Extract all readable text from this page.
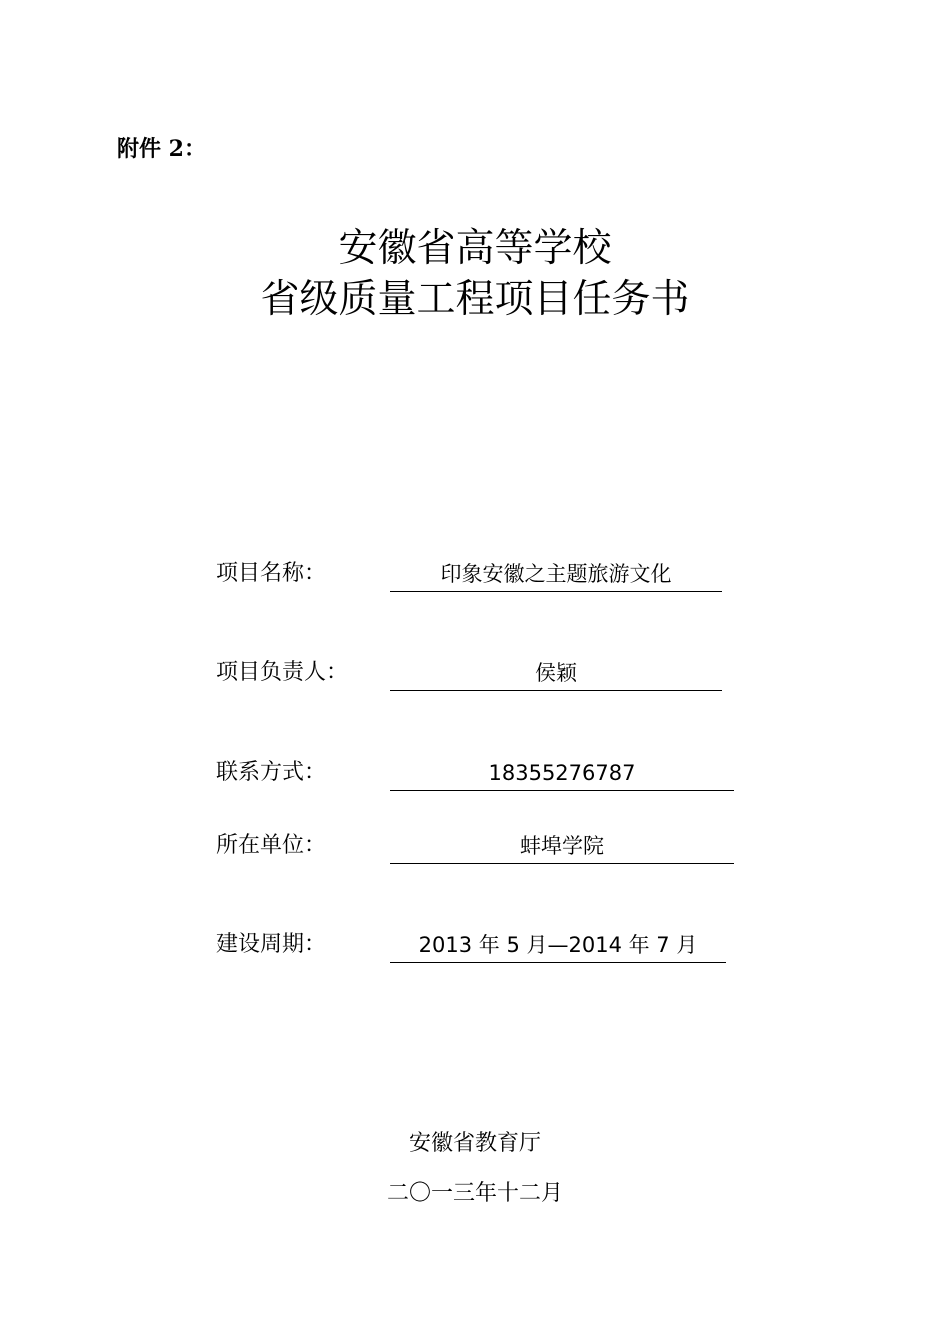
附件 2：
安徽省高等学校
省级质量工程项目任务书
项目名称：	印象安徽之主题旅游文化
项目负责人：	侯颖
联系方式：	18355276787
所在单位：	蚌埠学院
建设周期：	2013 年 5 月—2014 年 7 月
安徽省教育厅
二〇一三年十二月
